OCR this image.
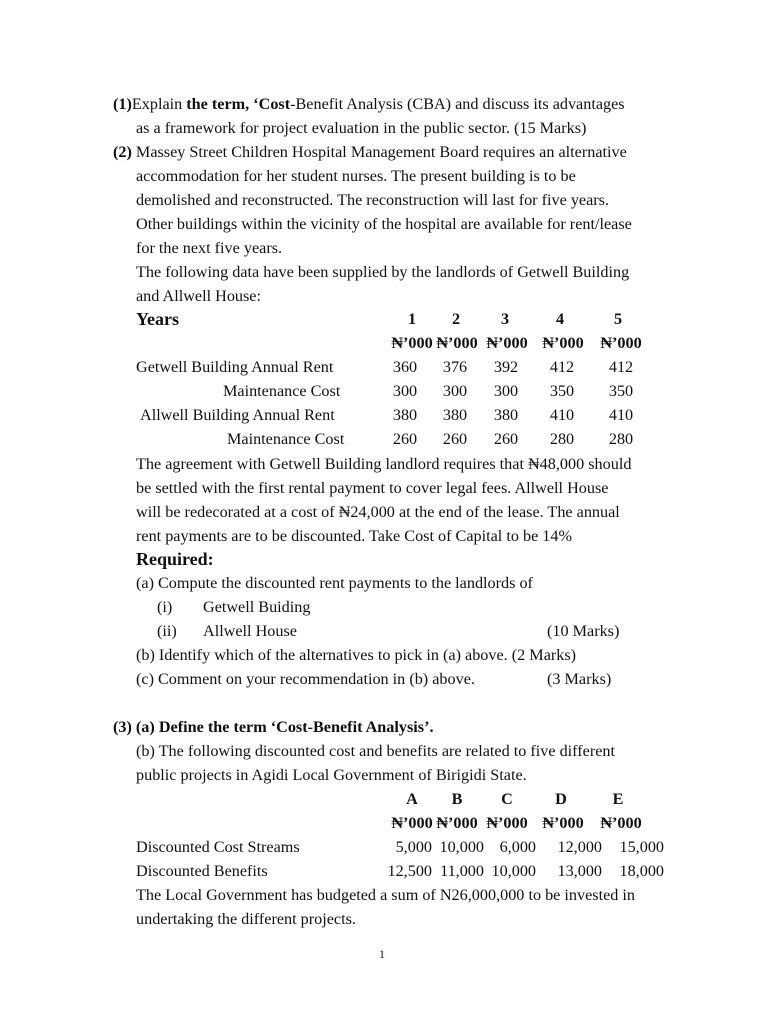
(1)Explain the term, ‘Cost-Benefit Analysis (CBA) and discuss its advantages
as a framework for project evaluation in the public sector. (15 Marks)
(2) Massey Street Children Hospital Management Board requires an alternative
accommodation for her student nurses. The present building is to be
demolished and reconstructed. The reconstruction will last for five years.
Other buildings within the vicinity of the hospital are available for rent/lease
for the next five years.
The following data have been supplied by the landlords of Getwell Building
and Allwell House:
Years	1	2	3	4	5
₦’000 ₦’000 ₦’000 ₦’000	₦’000
Getwell Building Annual Rent	360	376	392	412	412
Maintenance Cost	300	300	300	350	350
Allwell Building Annual Rent	380	380	380	410	410
Maintenance Cost	260	260	260	280	280
The agreement with Getwell Building landlord requires that ₦48,000 should
be settled with the first rental payment to cover legal fees. Allwell House
will be redecorated at a cost of ₦24,000 at the end of the lease. The annual
rent payments are to be discounted. Take Cost of Capital to be 14%
Required:
(a) Compute the discounted rent payments to the landlords of
(i) Getwell Buiding
(ii) Allwell House	(10 Marks)
(b) Identify which of the alternatives to pick in (a) above. (2 Marks)
(c) Comment on your recommendation in (b) above.	(3 Marks)
(3) (a) Define the term ‘Cost-Benefit Analysis’.
(b) The following discounted cost and benefits are related to five different
public projects in Agidi Local Government of Birigidi State.
A	B	C	D	E
₦’000 ₦’000 ₦’000 ₦’000	₦’000
Discounted Cost Streams	5,000 10,000 6,000	12,000	15,000
Discounted Benefits	12,500 11,000 10,000	13,000	18,000
The Local Government has budgeted a sum of N26,000,000 to be invested in
undertaking the different projects.
1
